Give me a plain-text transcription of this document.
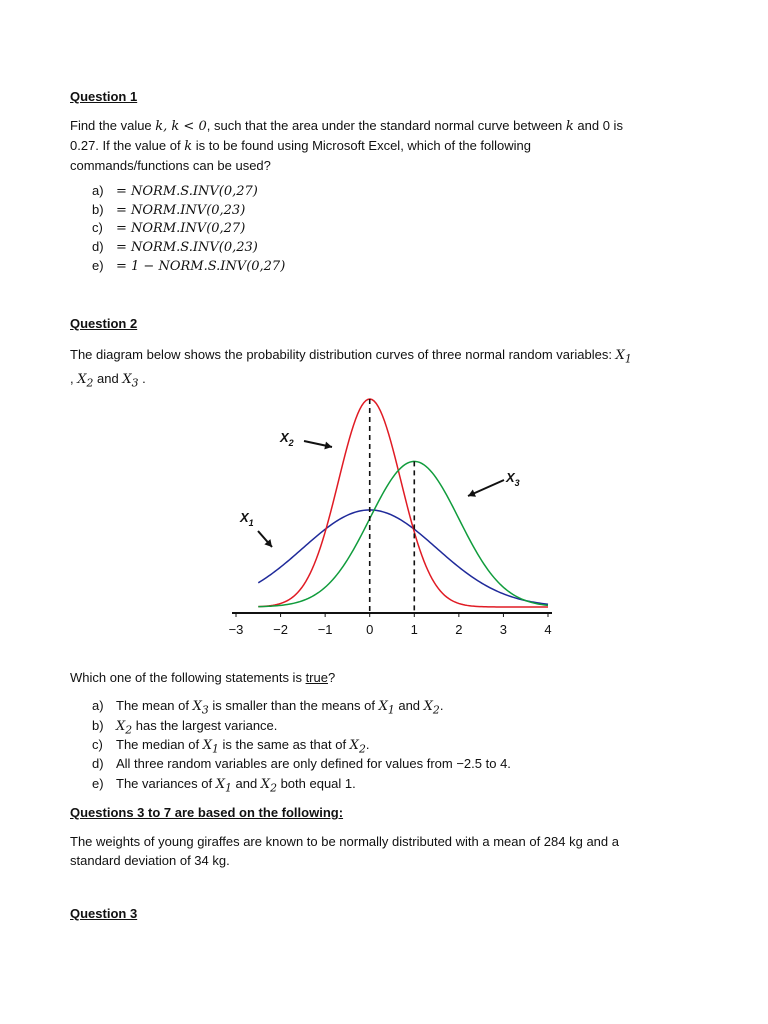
Question 1
Find the value k, k < 0, such that the area under the standard normal curve between k and 0 is
0.27. If the value of k is to be found using Microsoft Excel, which of the following
commands/functions can be used?
a) = NORM.S.INV(0,27)
b) = NORM.INV(0,23)
c) = NORM.INV(0,27)
d) = NORM.S.INV(0,23)
e) = 1 − NORM.S.INV(0,27)
Question 2
The diagram below shows the probability distribution curves of three normal random variables: $X_1$
, $X_2$ and $X_3$ .
−3 −2 −1	0	1	2	3	4
$X_1$
$X_2$
$X_3$
Which one of the following statements is true?
a) The mean of $X_3$ is smaller than the means of $X_1$ and $X_2$.
b) $X_2$ has the largest variance.
c) The median of $X_1$ is the same as that of $X_2$.
d) All three random variables are only defined for values from −2.5 to 4.
e) The variances of $X_1$ and $X_2$ both equal 1.
Questions 3 to 7 are based on the following:
The weights of young giraffes are known to be normally distributed with a mean of 284 kg and a
standard deviation of 34 kg.
Question 3
